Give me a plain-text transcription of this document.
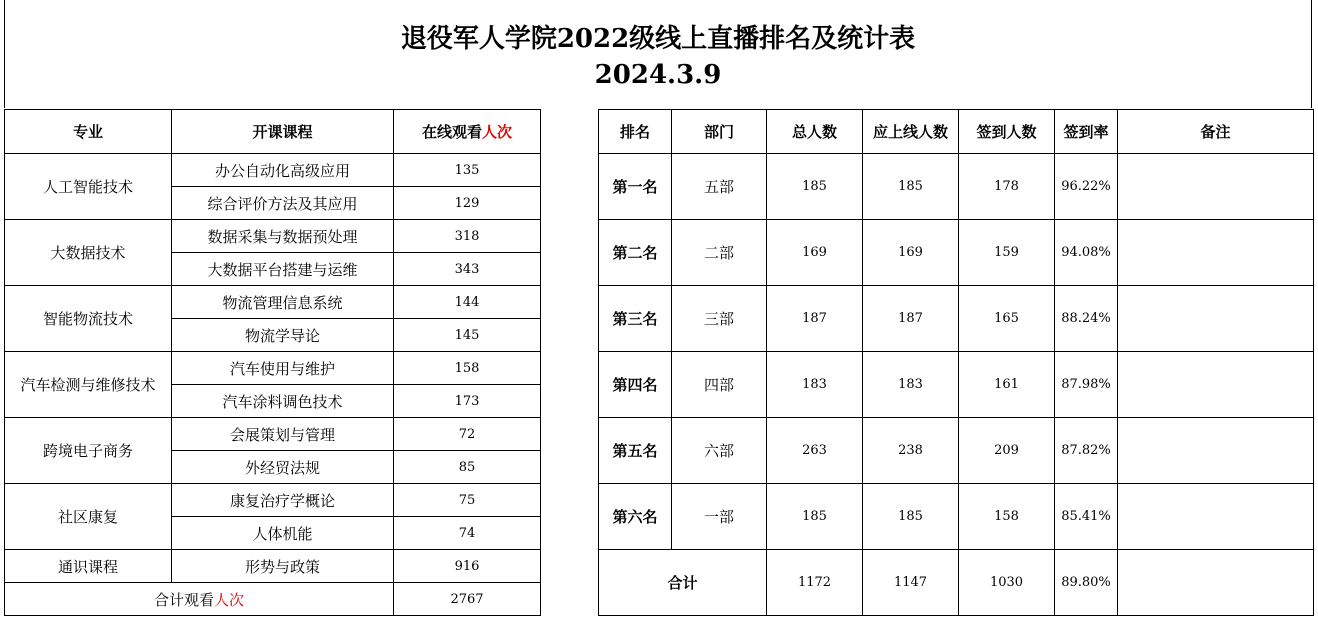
退役军人学院2022级线上直播排名及统计表
2024.3.9
专业	开课课程	在线观看人次
人工智能技术	办公自动化高级应用	135
	综合评价方法及其应用	129
大数据技术	数据采集与数据预处理	318
	大数据平台搭建与运维	343
智能物流技术	物流管理信息系统	144
	物流学导论	145
汽车检测与维修技术	汽车使用与维护	158
	汽车涂料调色技术	173
跨境电子商务	会展策划与管理	72
	外经贸法规	85
社区康复	康复治疗学概论	75
	人体机能	74
通识课程	形势与政策	916
合计观看人次		2767
排名	部门	总人数	应上线人数	签到人数	签到率	备注
第一名	五部	185	185	178	96.22%	
第二名	二部	169	169	159	94.08%	
第三名	三部	187	187	165	88.24%	
第四名	四部	183	183	161	87.98%	
第五名	六部	263	238	209	87.82%	
第六名	一部	185	185	158	85.41%	
合计		1172	1147	1030	89.80%	
